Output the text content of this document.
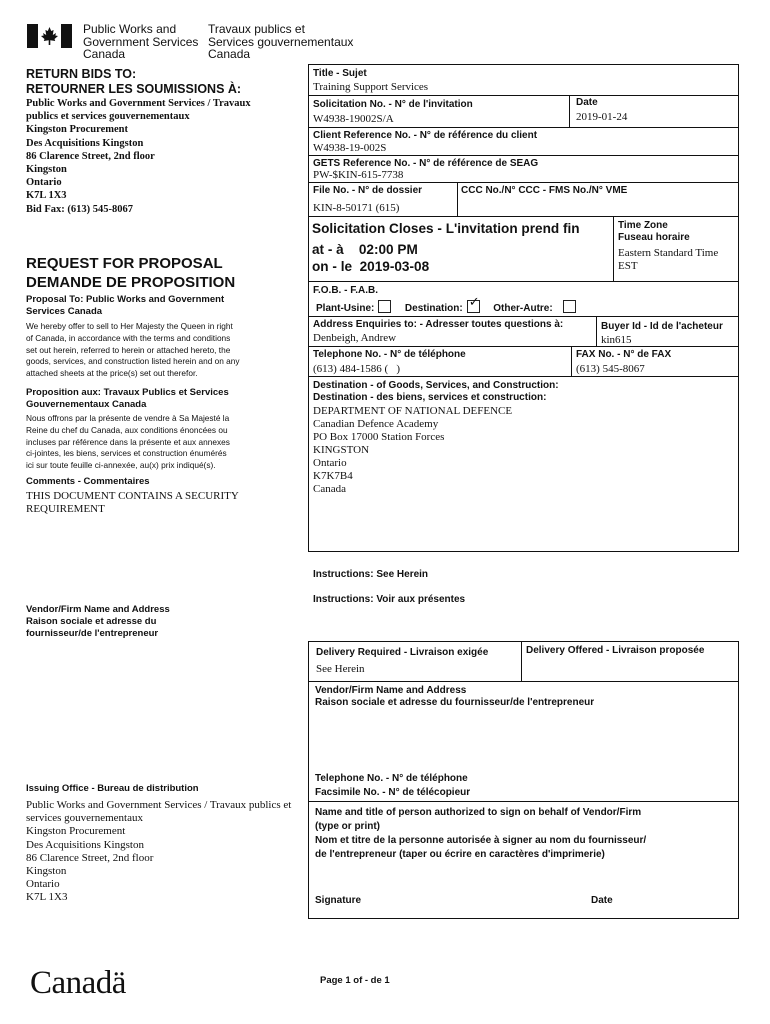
Public Works and
Government Services
Canada
Travaux publics et
Services gouvernementaux
Canada
RETURN BIDS TO:
RETOURNER LES SOUMISSIONS À:
Public Works and Government Services / Travaux
publics et services gouvernementaux
Kingston Procurement
Des Acquisitions Kingston
86 Clarence Street, 2nd floor
Kingston
Ontario
K7L 1X3
Bid Fax: (613) 545-8067
REQUEST FOR PROPOSAL
DEMANDE DE PROPOSITION
Proposal To: Public Works and Government
Services Canada
We hereby offer to sell to Her Majesty the Queen in right
of Canada, in accordance with the terms and conditions
set out herein, referred to herein or attached hereto, the
goods, services, and construction listed herein and on any
attached sheets at the price(s) set out therefor.
Proposition aux: Travaux Publics et Services
Gouvernementaux Canada
Nous offrons par la présente de vendre à Sa Majesté la
Reine du chef du Canada, aux conditions énoncées ou
incluses par référence dans la présente et aux annexes
ci-jointes, les biens, services et construction énumérés
ici sur toute feuille ci-annexée, au(x) prix indiqué(s).
Comments - Commentaires
THIS DOCUMENT CONTAINS A SECURITY
REQUIREMENT
Vendor/Firm Name and Address
Raison sociale et adresse du
fournisseur/de l'entrepreneur
Issuing Office - Bureau de distribution
Public Works and Government Services / Travaux publics et
services gouvernementaux
Kingston Procurement
Des Acquisitions Kingston
86 Clarence Street, 2nd floor
Kingston
Ontario
K7L 1X3
Canadä	Page 1 of - de 1
Title - Sujet
Training Support Services
Solicitation No. - N° de l'invitation
W4938-19002S/A
Date
2019-01-24
Client Reference No. - N° de référence du client
W4938-19-002S
GETS Reference No. - N° de référence de SEAG
PW-$KIN-615-7738
File No. - N° de dossier
KIN-8-50171 (615)
CCC No./N° CCC - FMS No./N° VME
Solicitation Closes - L'invitation prend fin
at - à 02:00 PM
on - le 2019-03-08
Time Zone
Fuseau horaire
Eastern Standard Time
EST
F.O.B. - F.A.B.
Plant-Usine:	Destination: ✓ Other-Autre:
Address Enquiries to: - Adresser toutes questions à:
Denbeigh, Andrew
Buyer Id - Id de l'acheteur
kin615
Telephone No. - N° de téléphone
(613) 484-1586 (   )
FAX No. - N° de FAX
(613) 545-8067
Destination - of Goods, Services, and Construction:
Destination - des biens, services et construction:
DEPARTMENT OF NATIONAL DEFENCE
Canadian Defence Academy
PO Box 17000 Station Forces
KINGSTON
Ontario
K7K7B4
Canada
Instructions: See Herein
Instructions: Voir aux présentes
Delivery Required - Livraison exigée
See Herein
Delivery Offered - Livraison proposée
Vendor/Firm Name and Address
Raison sociale et adresse du fournisseur/de l'entrepreneur
Telephone No. - N° de téléphone
Facsimile No. - N° de télécopieur
Name and title of person authorized to sign on behalf of Vendor/Firm
(type or print)
Nom et titre de la personne autorisée à signer au nom du fournisseur/
de l'entrepreneur (taper ou écrire en caractères d'imprimerie)
Signature	Date
